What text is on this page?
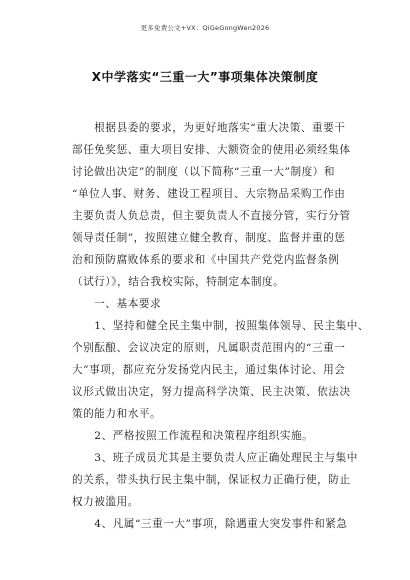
更多免费公文+VX：QiGeGongWen2026
X中学落实“三重一大”事项集体决策制度
　　根据县委的要求，为更好地落实“重大决策、重要干
部任免奖惩、重大项目安排、大额资金的使用必须经集体
讨论做出决定”的制度（以下简称“三重一大”制度）和
“单位人事、财务、建设工程项目、大宗物品采购工作由
主要负责人负总责，但主要负责人不直接分管，实行分管
领导责任制”，按照建立健全教育、制度、监督并重的惩
治和预防腐败体系的要求和《中国共产党党内监督条例
（试行）》，结合我校实际，特制定本制度。
　　一、基本要求
　　1、坚持和健全民主集中制，按照集体领导、民主集中、
个别酝酿、会议决定的原则，凡属职责范围内的“三重一
大”事项，都应充分发扬党内民主，通过集体讨论、用会
议形式做出决定，努力提高科学决策、民主决策、依法决
策的能力和水平。
　　2、严格按照工作流程和决策程序组织实施。
　　3、班子成员尤其是主要负责人应正确处理民主与集中
的关系，带头执行民主集中制，保证权力正确行使，防止
权力被滥用。
　　4、凡属“三重一大”事项，除遇重大突发事件和紧急
